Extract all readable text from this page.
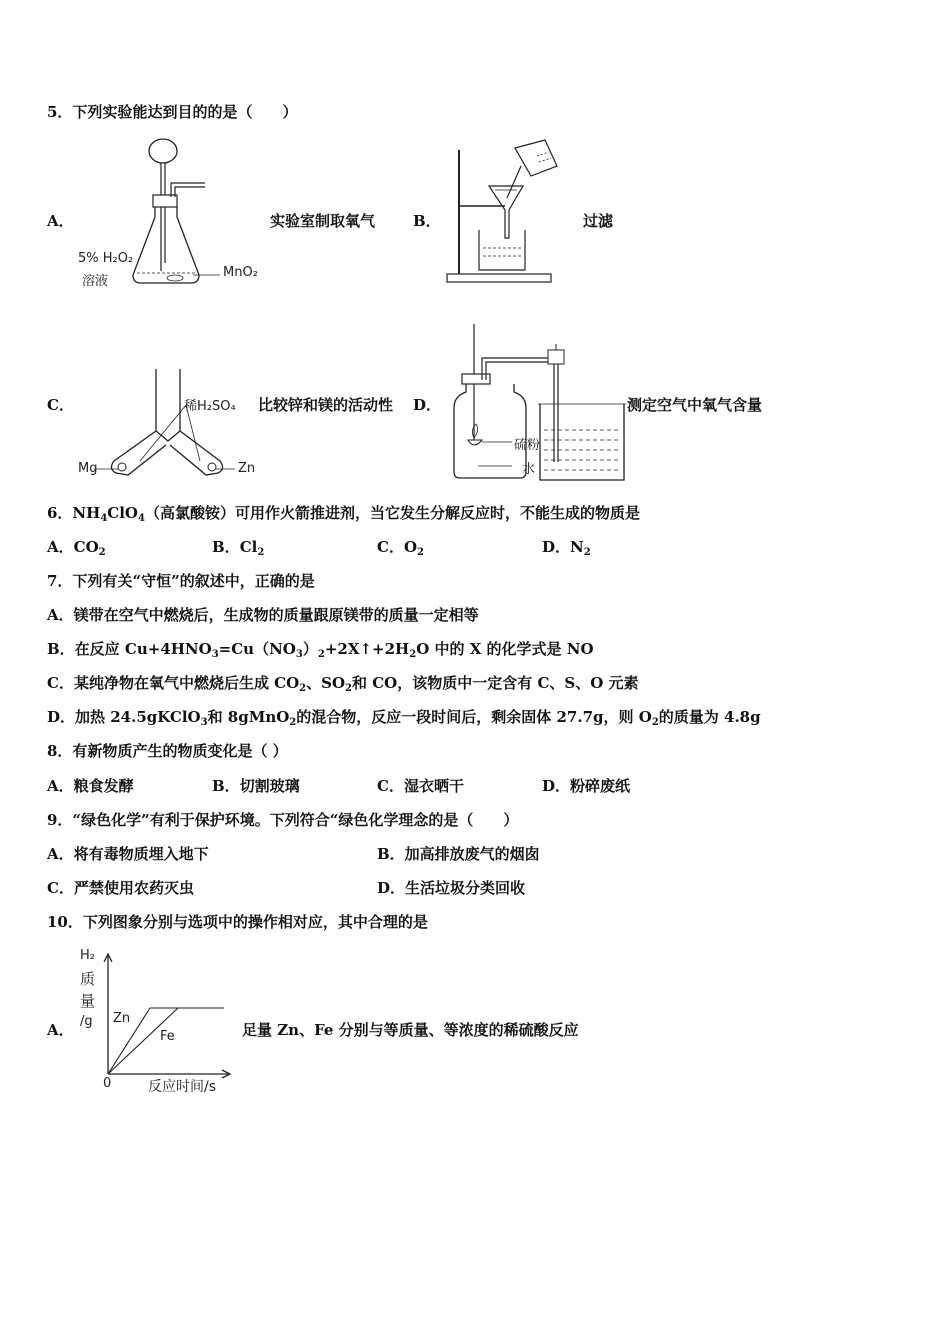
5．下列实验能达到目的的是（　　）
A．
5% H₂O₂
溶液
MnO₂
实验室制取氧气	B．	过滤
C．	稀H₂SO₄
Mg	Zn
比较锌和镁的活动性 D．
硫粉
水
测定空气中氧气含量
6．$NH_4ClO_4$（高氯酸铵）可用作火箭推进剂，当它发生分解反应时，不能生成的物质是
A．$CO_2$	B．$Cl_2$	C．$O_2$	D．$N_2$
7．下列有关“守恒”的叙述中，正确的是
A．镁带在空气中燃烧后，生成物的质量跟原镁带的质量一定相等
B．在反应 $Cu+4HNO_3=Cu(NO_3)_2+2X↑+2H_2O$ 中的 X 的化学式是 NO
C．某纯净物在氧气中燃烧后生成 $CO_2$、$SO_2$和 CO，该物质中一定含有 C、S、O 元素
D．加热 24.5gKClO$_3$和 8gMnO$_2$的混合物，反应一段时间后，剩余固体 27.7g，则 $O_2$的质量为 4.8g
8．有新物质产生的物质变化是（ ）
A．粮食发酵	B．切割玻璃	C．湿衣晒干	D．粉碎废纸
9．“绿色化学”有利于保护环境。下列符合“绿色化学理念的是（　　）
A．将有毒物质埋入地下	B．加高排放废气的烟囱
C．严禁使用农药灭虫	D．生活垃圾分类回收
10．下列图象分别与选项中的操作相对应，其中合理的是
A．
H₂
质
量
/g Zn
Fe
0	反应时间/s
足量 Zn、Fe 分别与等质量、等浓度的稀硫酸反应
